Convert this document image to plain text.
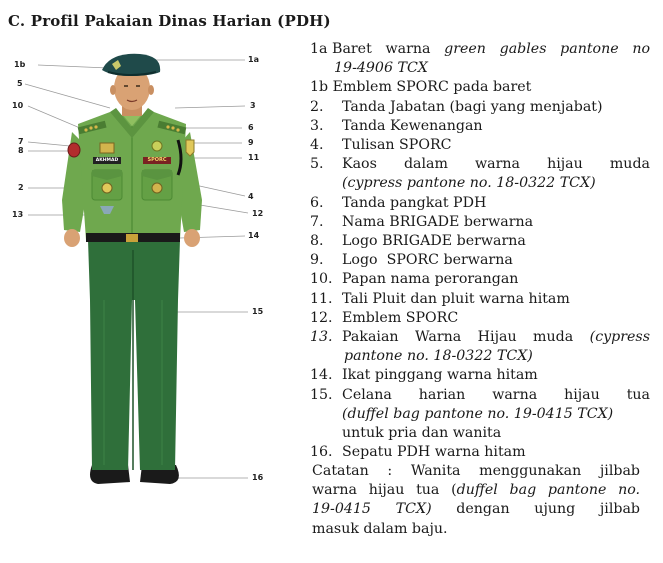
C. Profil Pakaian Dinas Harian (PDH)
1b
5
10
2
13
7
8
1a
3
6
9
11
4
12
14
15
16
AKHMAD	SPORC
1a
Baret warna green gables pantone no
19-4906 TCX
1b
Emblem SPORC pada baret
2.	Tanda Jabatan (bagi yang menjabat)
3.	Tanda Kewenangan
4.	Tulisan SPORC
5.	Kaos dalam warna hijau muda
(cypress pantone no. 18-0322 TCX)
6.	Tanda pangkat PDH
7.	Nama BRIGADE berwarna
8.	Logo BRIGADE berwarna
9.	Logo  SPORC berwarna
10. Papan nama perorangan
11. Tali Pluit dan pluit warna hitam
12. Emblem SPORC
13. Pakaian Warna Hijau muda (cypress
pantone no. 18-0322 TCX)
14. Ikat pinggang warna hitam
15. Celana  harian  warna  hijau  tua
(duffel bag pantone no. 19-0415 TCX)
untuk pria dan wanita
16. Sepatu PDH warna hitam
Catatan : Wanita menggunakan jilbab
warna hijau tua (duffel bag pantone no.
19-0415  TCX)  dengan  ujung  jilbab
masuk dalam baju.
